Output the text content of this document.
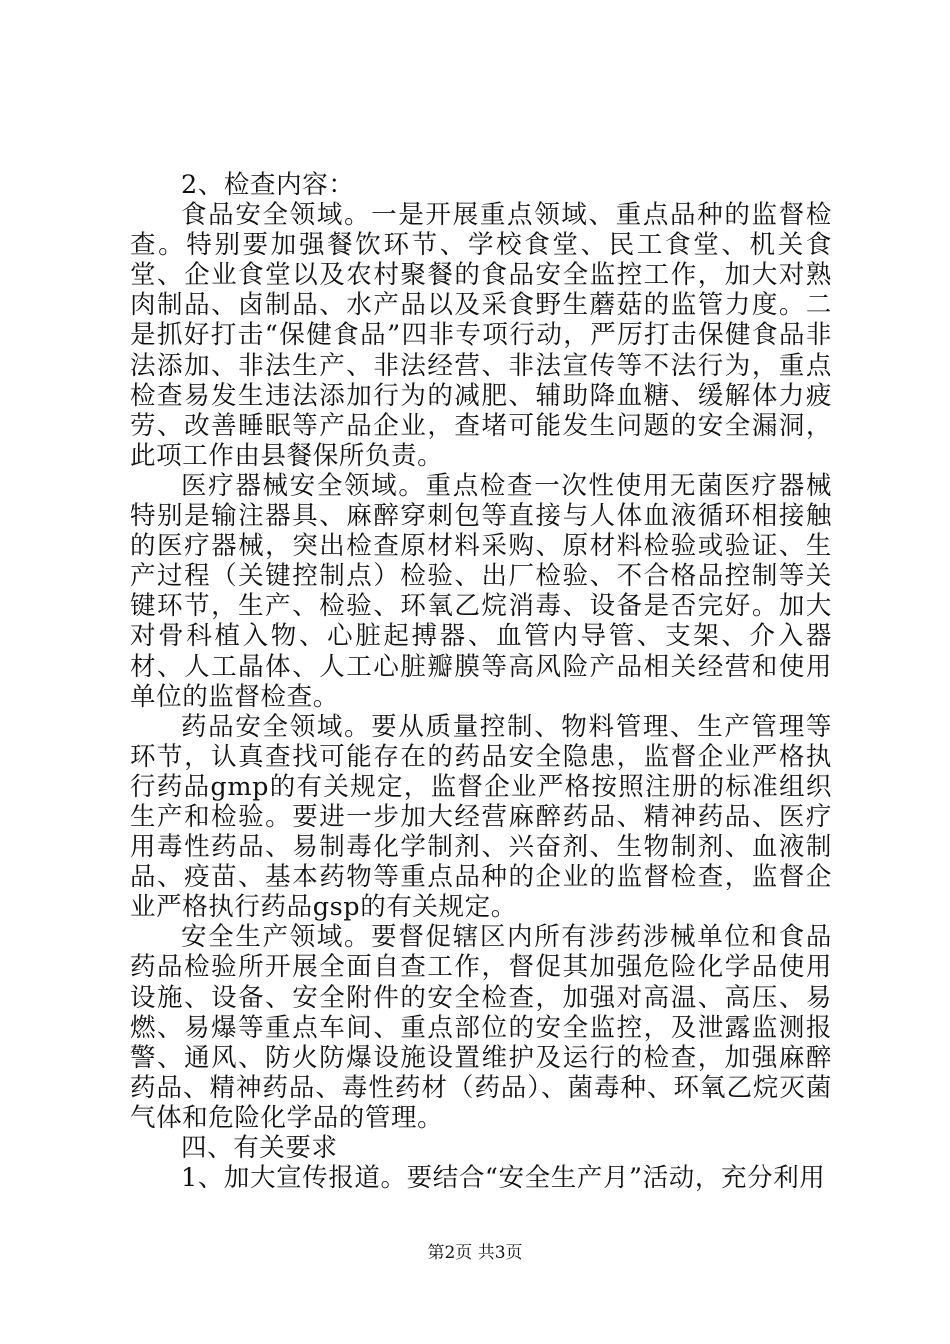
2、检查内容：

食品安全领域。一是开展重点领域、重点品种的监督检查。特别要加强餐饮环节、学校食堂、民工食堂、机关食堂、企业食堂以及农村聚餐的食品安全监控工作，加大对熟肉制品、卤制品、水产品以及采食野生蘑菇的监管力度。二是抓好打击“保健食品”四非专项行动，严厉打击保健食品非法添加、非法生产、非法经营、非法宣传等不法行为，重点检查易发生违法添加行为的减肥、辅助降血糖、缓解体力疲劳、改善睡眠等产品企业，查堵可能发生问题的安全漏洞，此项工作由县餐保所负责。

医疗器械安全领域。重点检查一次性使用无菌医疗器械特别是输注器具、麻醉穿刺包等直接与人体血液循环相接触的医疗器械，突出检查原材料采购、原材料检验或验证、生产过程（关键控制点）检验、出厂检验、不合格品控制等关键环节，生产、检验、环氧乙烷消毒、设备是否完好。加大对骨科植入物、心脏起搏器、血管内导管、支架、介入器材、人工晶体、人工心脏瓣膜等高风险产品相关经营和使用单位的监督检查。

药品安全领域。要从质量控制、物料管理、生产管理等环节，认真查找可能存在的药品安全隐患，监督企业严格执行药品gmp的有关规定，监督企业严格按照注册的标准组织生产和检验。要进一步加大经营麻醉药品、精神药品、医疗用毒性药品、易制毒化学制剂、兴奋剂、生物制剂、血液制品、疫苗、基本药物等重点品种的企业的监督检查，监督企业严格执行药品gsp的有关规定。

安全生产领域。要督促辖区内所有涉药涉械单位和食品药品检验所开展全面自查工作，督促其加强危险化学品使用设施、设备、安全附件的安全检查，加强对高温、高压、易燃、易爆等重点车间、重点部位的安全监控，及泄露监测报警、通风、防火防爆设施设置维护及运行的检查，加强麻醉药品、精神药品、毒性药材（药品）、菌毒种、环氧乙烷灭菌气体和危险化学品的管理。

四、有关要求

1、加大宣传报道。要结合“安全生产月”活动，充分利用

第2页 共3页
